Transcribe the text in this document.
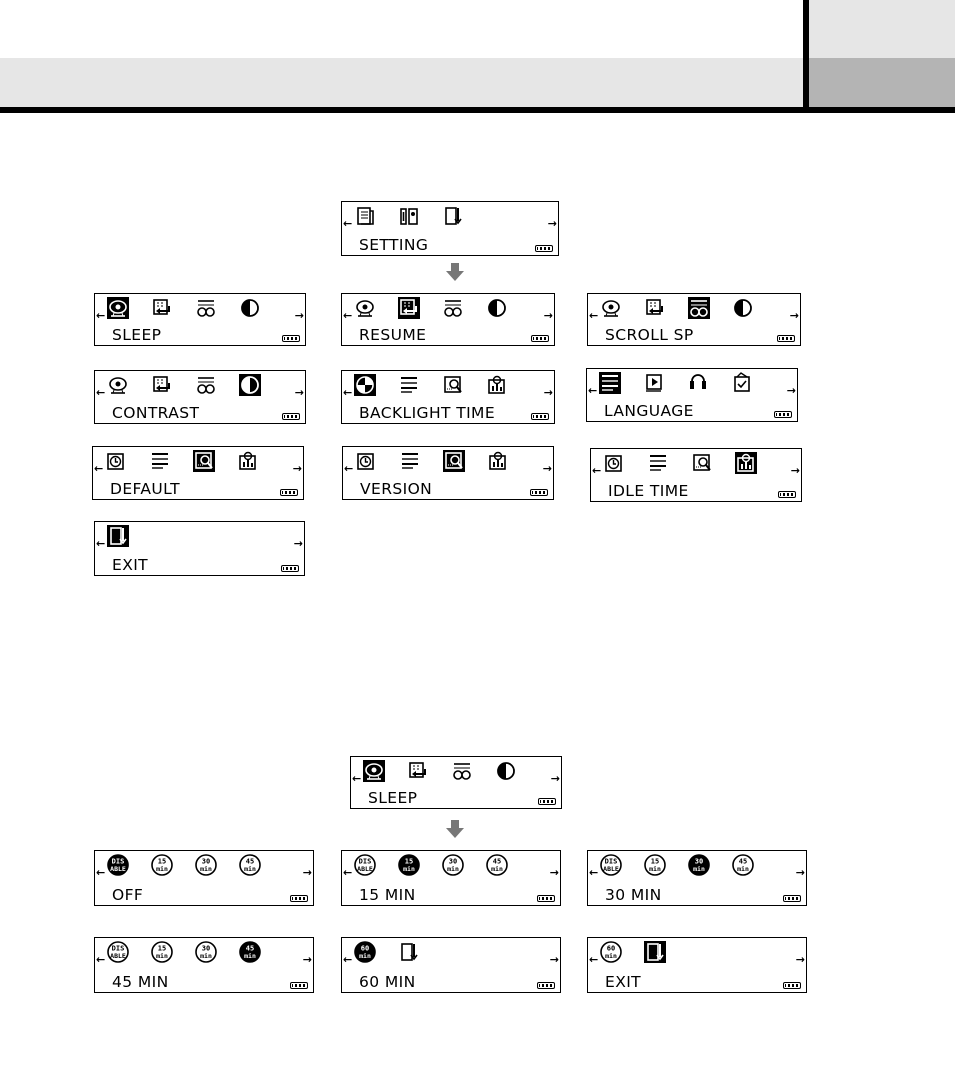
←	→
SETTING
←	→
SLEEP
←	→
RESUME
←	→
SCROLL SP
←	→
CONTRAST
←	→
BACKLIGHT TIME
←	→
LANGUAGE
←	→
DEFAULT
←	→
VERSION
←	→
IDLE TIME
←	→
EXIT
←	→
SLEEP
←
DIS
ABLE
15
min
30
min
45
min	→
OFF
←
DIS
ABLE
15
min
30
min
45
min	→
15 MIN
←
DIS
ABLE
15
min
30
min
45
min	→
30 MIN
←
DIS
ABLE
15
min
30
min
45
min	→
45 MIN
←
60
min	→
60 MIN
←
60
min	→
EXIT
